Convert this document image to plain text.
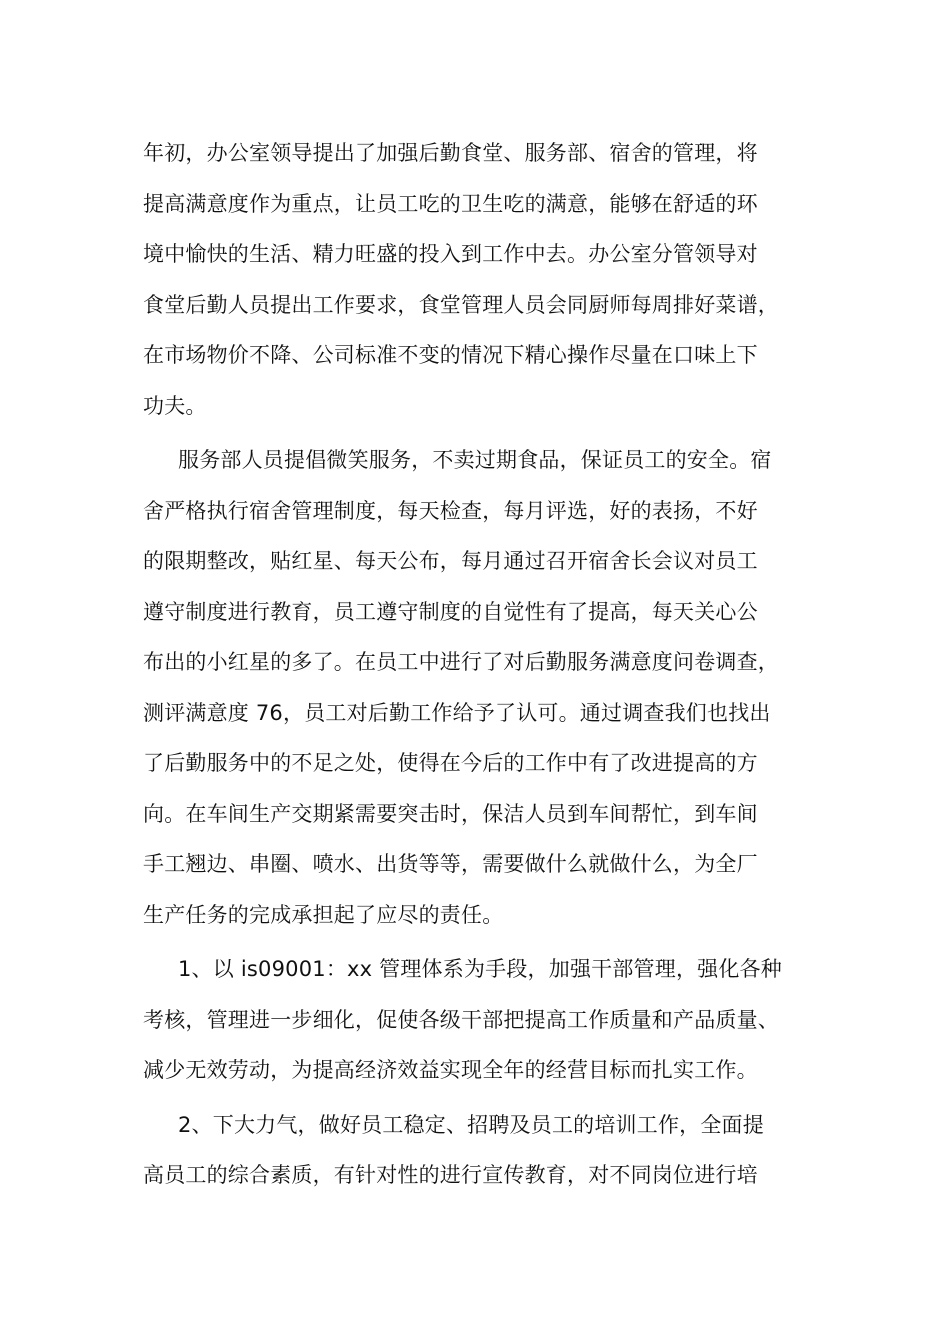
年初，办公室领导提出了加强后勤食堂、服务部、宿舍的管理，将
提高满意度作为重点，让员工吃的卫生吃的满意，能够在舒适的环
境中愉快的生活、精力旺盛的投入到工作中去。办公室分管领导对
食堂后勤人员提出工作要求，食堂管理人员会同厨师每周排好菜谱，
在市场物价不降、公司标准不变的情况下精心操作尽量在口味上下
功夫。
服务部人员提倡微笑服务，不卖过期食品，保证员工的安全。宿
舍严格执行宿舍管理制度，每天检查，每月评选，好的表扬，不好
的限期整改，贴红星、每天公布，每月通过召开宿舍长会议对员工
遵守制度进行教育，员工遵守制度的自觉性有了提高，每天关心公
布出的小红星的多了。在员工中进行了对后勤服务满意度问卷调查，
测评满意度 76，员工对后勤工作给予了认可。通过调查我们也找出
了后勤服务中的不足之处，使得在今后的工作中有了改进提高的方
向。在车间生产交期紧需要突击时，保洁人员到车间帮忙，到车间
手工翘边、串圈、喷水、出货等等，需要做什么就做什么，为全厂
生产任务的完成承担起了应尽的责任。
1、以 is09001：xx 管理体系为手段，加强干部管理，强化各种
考核，管理进一步细化，促使各级干部把提高工作质量和产品质量、
减少无效劳动，为提高经济效益实现全年的经营目标而扎实工作。
2、下大力气，做好员工稳定、招聘及员工的培训工作，全面提
高员工的综合素质，有针对性的进行宣传教育，对不同岗位进行培
